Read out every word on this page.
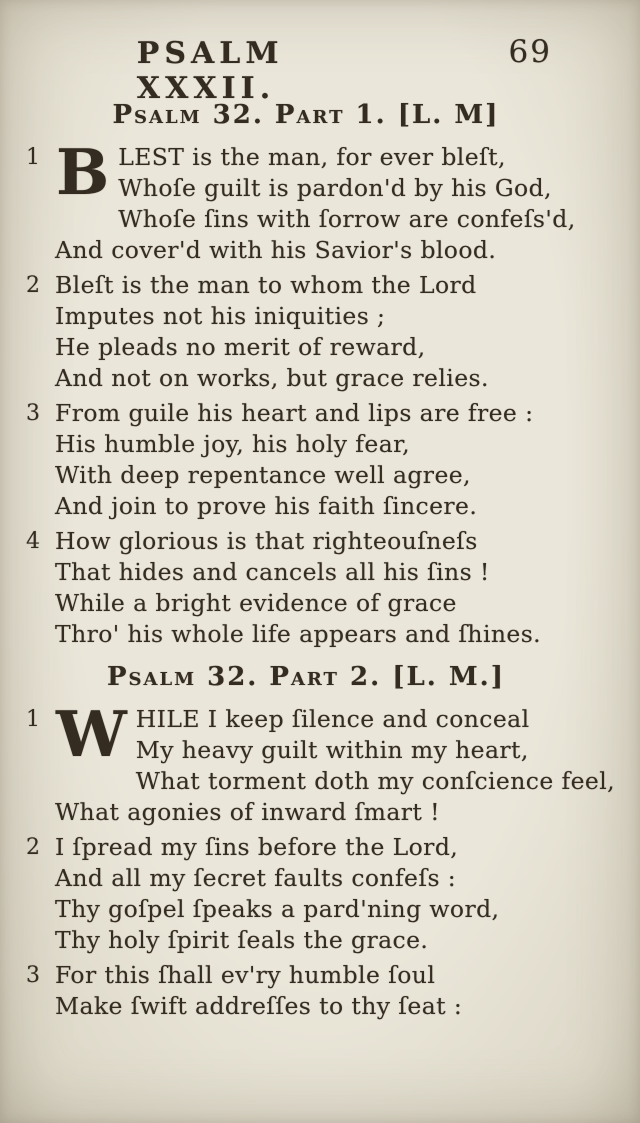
PSALM XXXII.
69
Psalm 32. Part 1. [L. M]
1 B LEST is the man, for ever bleſt,
Whoſe guilt is pardon'd by his God,
Whoſe ſins with ſorrow are confeſs'd,
And cover'd with his Savior's blood.
2 Bleſt is the man to whom the Lord
Imputes not his iniquities ;
He pleads no merit of reward,
And not on works, but grace relies.
3 From guile his heart and lips are free :
His humble joy, his holy fear,
With deep repentance well agree,
And join to prove his faith ſincere.
4 How glorious is that righteouſneſs
That hides and cancels all his ſins !
While a bright evidence of grace
Thro' his whole life appears and ſhines.
Psalm 32. Part 2. [L. M.]
1 W HILE I keep ſilence and conceal
My heavy guilt within my heart,
What torment doth my conſcience feel,
What agonies of inward ſmart !
2 I ſpread my ſins before the Lord,
And all my ſecret faults confeſs :
Thy goſpel ſpeaks a pard'ning word,
Thy holy ſpirit ſeals the grace.
3 For this ſhall ev'ry humble ſoul
Make ſwift addreſſes to thy ſeat :
